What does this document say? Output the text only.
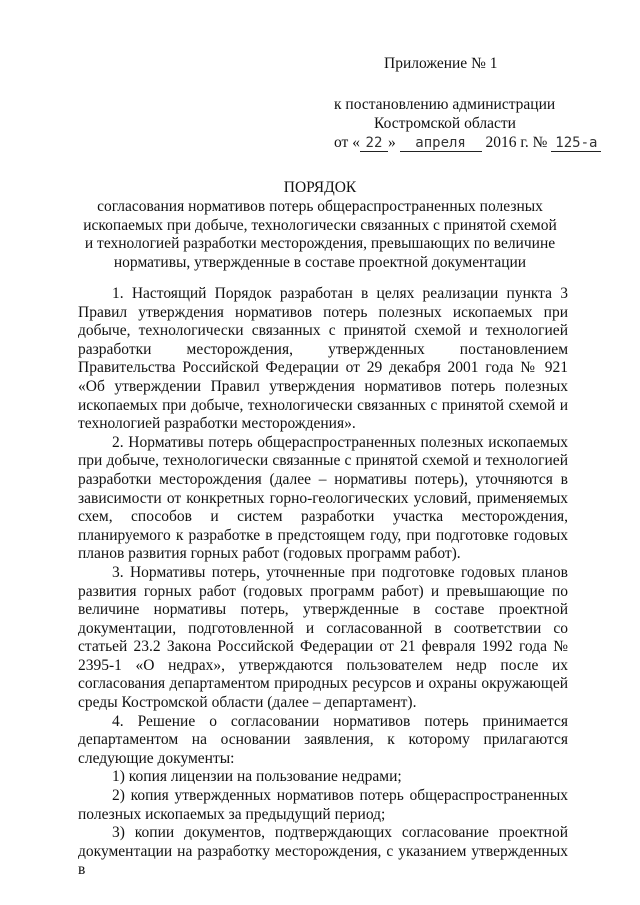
Приложение № 1
к постановлению администрации
Костромской области
от « 22 » апреля 2016 г. № 125-а
ПОРЯДОК
согласования нормативов потерь общераспространенных полезных ископаемых при добыче, технологически связанных с принятой схемой и технологией разработки месторождения, превышающих по величине нормативы, утвержденные в составе проектной документации

1. Настоящий Порядок разработан в целях реализации пункта 3 Правил утверждения нормативов потерь полезных ископаемых при добыче, технологически связанных с принятой схемой и технологией разработки месторождения, утвержденных постановлением Правительства Российской Федерации от 29 декабря 2001 года № 921 «Об утверждении Правил утверждения нормативов потерь полезных ископаемых при добыче, технологически связанных с принятой схемой и технологией разработки месторождения».

2. Нормативы потерь общераспространенных полезных ископаемых при добыче, технологически связанные с принятой схемой и технологией разработки месторождения (далее – нормативы потерь), уточняются в зависимости от конкретных горно-геологических условий, применяемых схем, способов и систем разработки участка месторождения, планируемого к разработке в предстоящем году, при подготовке годовых планов развития горных работ (годовых программ работ).

3. Нормативы потерь, уточненные при подготовке годовых планов развития горных работ (годовых программ работ) и превышающие по величине нормативы потерь, утвержденные в составе проектной документации, подготовленной и согласованной в соответствии со статьей 23.2 Закона Российской Федерации от 21 февраля 1992 года № 2395-1 «О недрах», утверждаются пользователем недр после их согласования департаментом природных ресурсов и охраны окружающей среды Костромской области (далее – департамент).

4. Решение о согласовании нормативов потерь принимается департаментом на основании заявления, к которому прилагаются следующие документы:

1) копия лицензии на пользование недрами;

2) копия утвержденных нормативов потерь общераспространенных полезных ископаемых за предыдущий период;

3) копии документов, подтверждающих согласование проектной документации на разработку месторождения, с указанием утвержденных в
